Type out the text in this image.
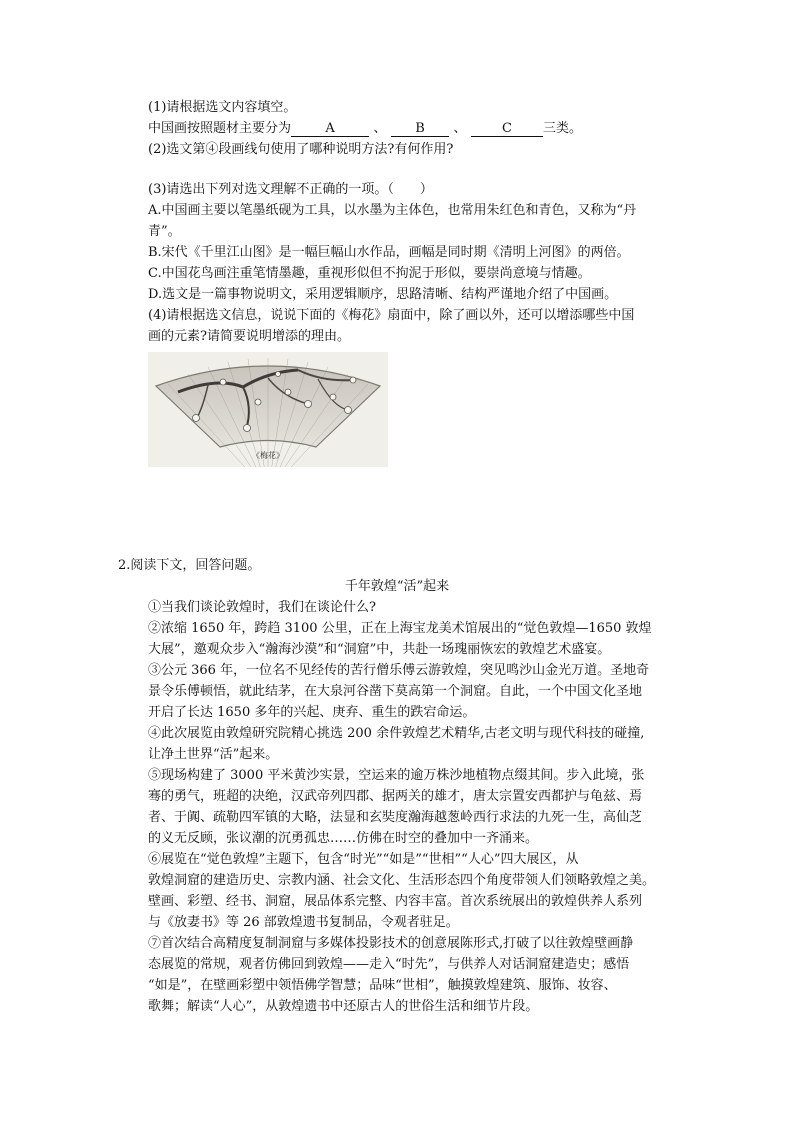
(1)请根据选文内容填空。

中国画按照题材主要分为	A	、 B 、	C 三类。

(2)选文第④段画线句使用了哪种说明方法?有何作用?

(3)请选出下列对选文理解不正确的一项。（　　）

A.中国画主要以笔墨纸砚为工具，以水墨为主体色，也常用朱红色和青色，又称为“丹

青”。

B.宋代《千里江山图》是一幅巨幅山水作品，画幅是同时期《清明上河图》的两倍。

C.中国花鸟画注重笔情墨趣，重视形似但不拘泥于形似，要崇尚意境与情趣。

D.选文是一篇事物说明文，采用逻辑顺序，思路清晰、结构严谨地介绍了中国画。

(4)请根据选文信息，说说下面的《梅花》扇面中，除了画以外，还可以增添哪些中国

画的元素?请简要说明增添的理由。

《梅花》

2.阅读下文，回答问题。

千年敦煌“活”起来

①当我们谈论敦煌时，我们在谈论什么?

②浓缩 1650 年，跨趋 3100 公里，正在上海宝龙美术馆展出的“觉色敦煌—1650 敦煌

大展”，邀观众步入“瀚海沙漠”和“洞窟”中，共赴一场瑰丽恢宏的敦煌艺术盛宴。

③公元 366 年，一位名不见经传的苦行僧乐傅云游敦煌，突见鸣沙山金光万道。圣地奇

景令乐傅顿悟，就此结茅，在大泉河谷凿下莫高第一个洞窟。自此，一个中国文化圣地

开启了长达 1650 多年的兴起、庚弃、重生的跌宕命运。

④此次展览由敦煌研究院精心挑选 200 余件敦煌艺术精华,古老文明与现代科技的碰撞,

让净土世界“活”起来。

⑤现场构建了 3000 平米黄沙实景，空运来的逾万株沙地植物点缀其间。步入此境，张

骞的勇气，班超的决绝，汉武帝列四郡、据两关的雄才，唐太宗置安西都护与龟兹、焉

者、于阗、疏勒四军镇的大略，法显和玄奘度瀚海越葱岭西行求法的九死一生，高仙芝

的义无反顾，张议潮的沉勇孤忠……仿佛在时空的叠加中一齐涌来。

⑥展览在“觉色敦煌”主题下，包含“时光”“如是”“世相”“人心”四大展区，从

敦煌洞窟的建造历史、宗教内涵、社会文化、生活形态四个角度带领人们领略敦煌之美。

壁画、彩塑、经书、洞窟，展品体系完整、内容丰富。首次系统展出的敦煌供养人系列

与《放妻书》等 26 部敦煌遗书复制品，令观者驻足。

⑦首次结合高精度复制洞窟与多媒体投影技术的创意展陈形式,打破了以往敦煌壁画静

态展览的常规，观者仿佛回到敦煌——走入“时先”，与供养人对话洞窟建造史；感悟

“如是”，在壁画彩塑中领悟佛学智慧；品味“世相”，触摸敦煌建筑、服饰、妆容、

歌舞；解读“人心”，从敦煌遗书中还原古人的世俗生活和细节片段。
